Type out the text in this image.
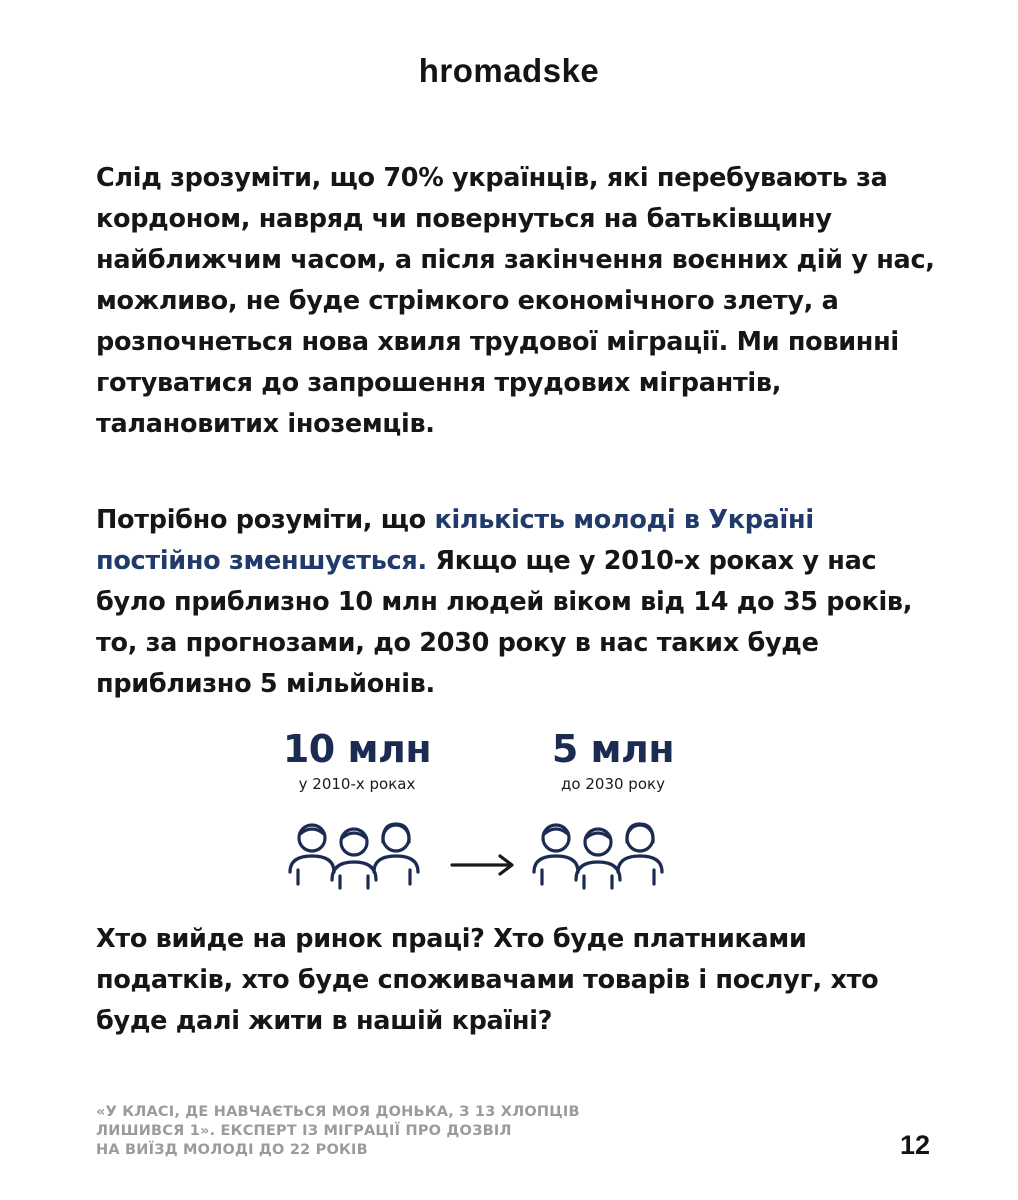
hromadske

Слід зрозуміти, що 70% українців, які перебувають за кордоном, навряд чи повернуться на батьківщину найближчим часом, а після закінчення воєнних дій у нас, можливо, не буде стрімкого економічного злету, а розпочнеться нова хвиля трудової міграції. Ми повинні готуватися до запрошення трудових мігрантів, талановитих іноземців.

Потрібно розуміти, що кількість молоді в Україні постійно зменшується. Якщо ще у 2010-х роках у нас було приблизно 10 млн людей віком від 14 до 35 років, то, за прогнозами, до 2030 року в нас таких буде приблизно 5 мільйонів.

10 млн
у 2010-х роках
5 млн
до 2030 року

Хто вийде на ринок праці? Хто буде платниками податків, хто буде споживачами товарів і послуг, хто буде далі жити в нашій країні?

«У КЛАСІ, ДЕ НАВЧАЄТЬСЯ МОЯ ДОНЬКА, З 13 ХЛОПЦІВ
ЛИШИВСЯ 1». ЕКСПЕРТ ІЗ МІГРАЦІЇ ПРО ДОЗВІЛ
НА ВИЇЗД МОЛОДІ ДО 22 РОКІВ	12
